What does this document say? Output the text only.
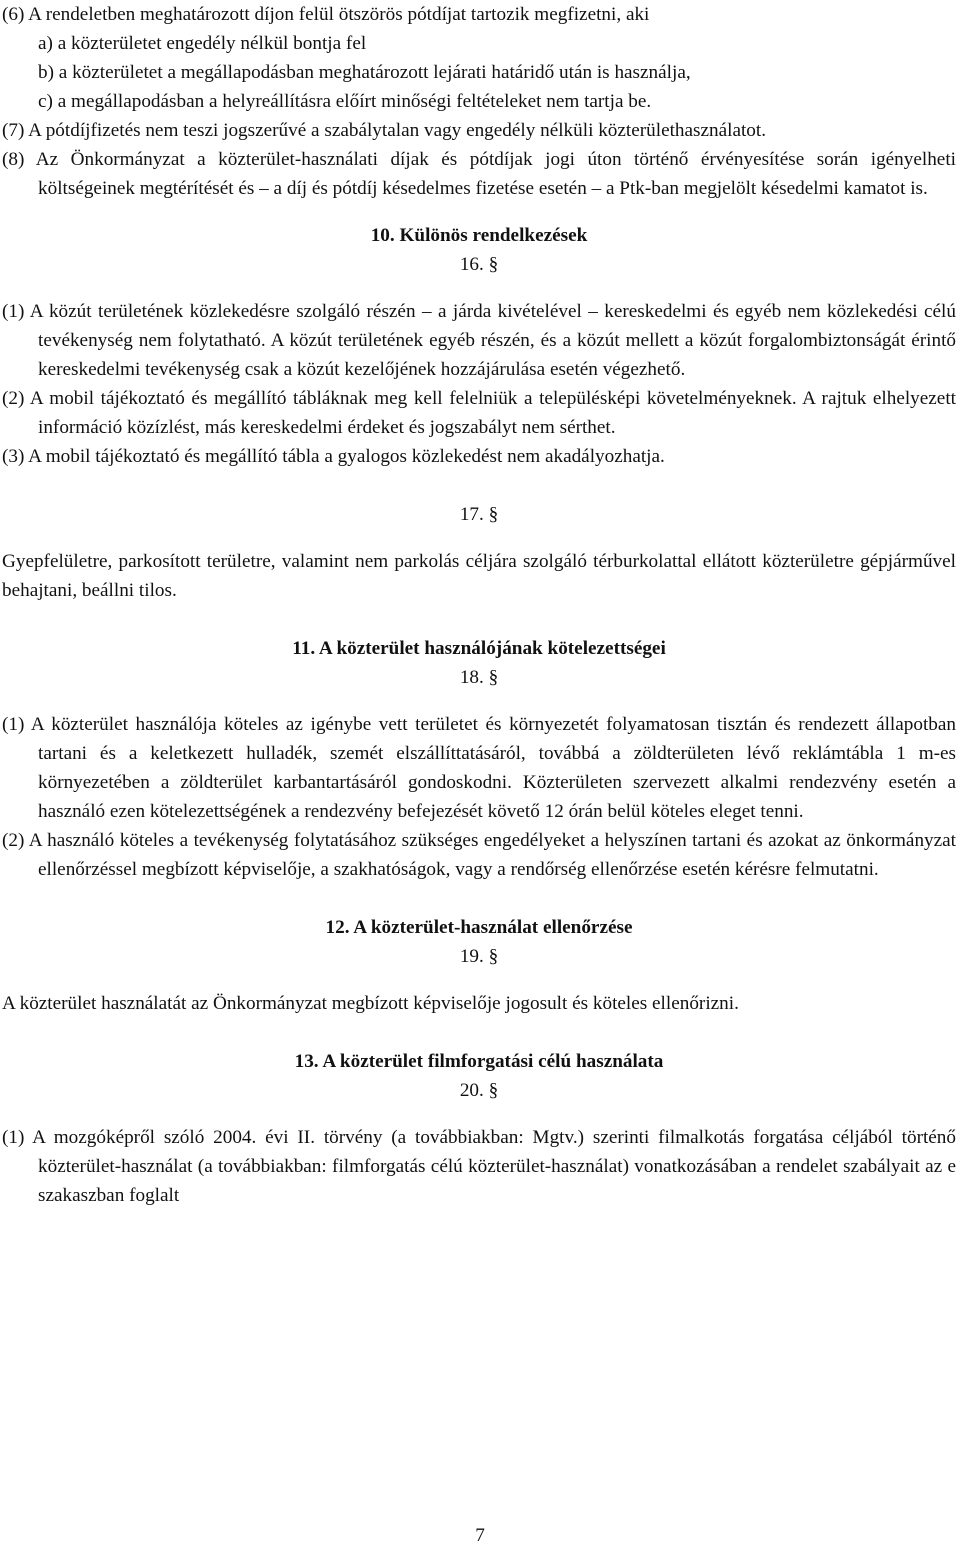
(6) A rendeletben meghatározott díjon felül ötszörös pótdíjat tartozik megfizetni, aki

a) a közterületet engedély nélkül bontja fel

b) a közterületet a megállapodásban meghatározott lejárati határidő után is használja,

c) a megállapodásban a helyreállításra előírt minőségi feltételeket nem tartja be.

(7) A pótdíjfizetés nem teszi jogszerűvé a szabálytalan vagy engedély nélküli közterülethasználatot.

(8) Az Önkormányzat a közterület-használati díjak és pótdíjak jogi úton történő érvényesítése során igényelheti költségeinek megtérítését és – a díj és pótdíj késedelmes fizetése esetén – a Ptk-ban megjelölt késedelmi kamatot is.

10. Különös rendelkezések

16. §

(1) A közút területének közlekedésre szolgáló részén – a járda kivételével – kereskedelmi és egyéb nem közlekedési célú tevékenység nem folytatható. A közút területének egyéb részén, és a közút mellett a közút forgalombiztonságát érintő kereskedelmi tevékenység csak a közút kezelőjének hozzájárulása esetén végezhető.

(2) A mobil tájékoztató és megállító tábláknak meg kell felelniük a településképi követelményeknek. A rajtuk elhelyezett információ közízlést, más kereskedelmi érdeket és jogszabályt nem sérthet.

(3) A mobil tájékoztató és megállító tábla a gyalogos közlekedést nem akadályozhatja.

17. §

Gyepfelületre, parkosított területre, valamint nem parkolás céljára szolgáló térburkolattal ellátott közterületre gépjárművel behajtani, beállni tilos.

11. A közterület használójának kötelezettségei

18. §

(1) A közterület használója köteles az igénybe vett területet és környezetét folyamatosan tisztán és rendezett állapotban tartani és a keletkezett hulladék, szemét elszállíttatásáról, továbbá a zöldterületen lévő reklámtábla 1 m-es környezetében a zöldterület karbantartásáról gondoskodni. Közterületen szervezett alkalmi rendezvény esetén a használó ezen kötelezettségének a rendezvény befejezését követő 12 órán belül köteles eleget tenni.

(2) A használó köteles a tevékenység folytatásához szükséges engedélyeket a helyszínen tartani és azokat az önkormányzat ellenőrzéssel megbízott képviselője, a szakhatóságok, vagy a rendőrség ellenőrzése esetén kérésre felmutatni.

12. A közterület-használat ellenőrzése

19. §

A közterület használatát az Önkormányzat megbízott képviselője jogosult és köteles ellenőrizni.

13. A közterület filmforgatási célú használata

20. §

(1) A mozgóképről szóló 2004. évi II. törvény (a továbbiakban: Mgtv.) szerinti filmalkotás forgatása céljából történő közterület-használat (a továbbiakban: filmforgatás célú közterület-használat) vonatkozásában a rendelet szabályait az e szakaszban foglalt

7
